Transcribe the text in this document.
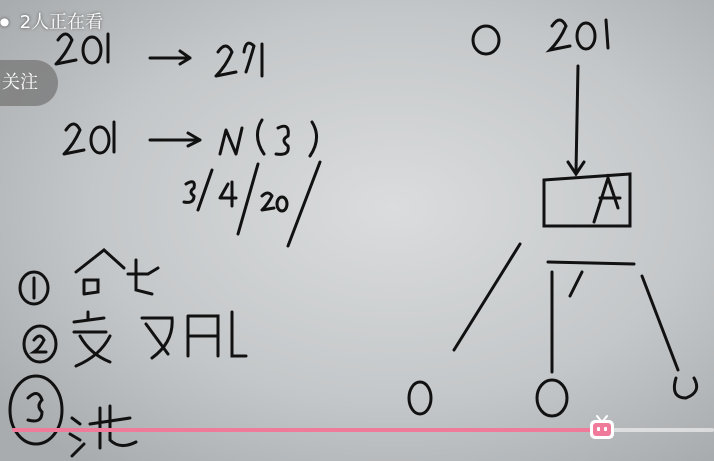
⏺ 2人正在看
关注
